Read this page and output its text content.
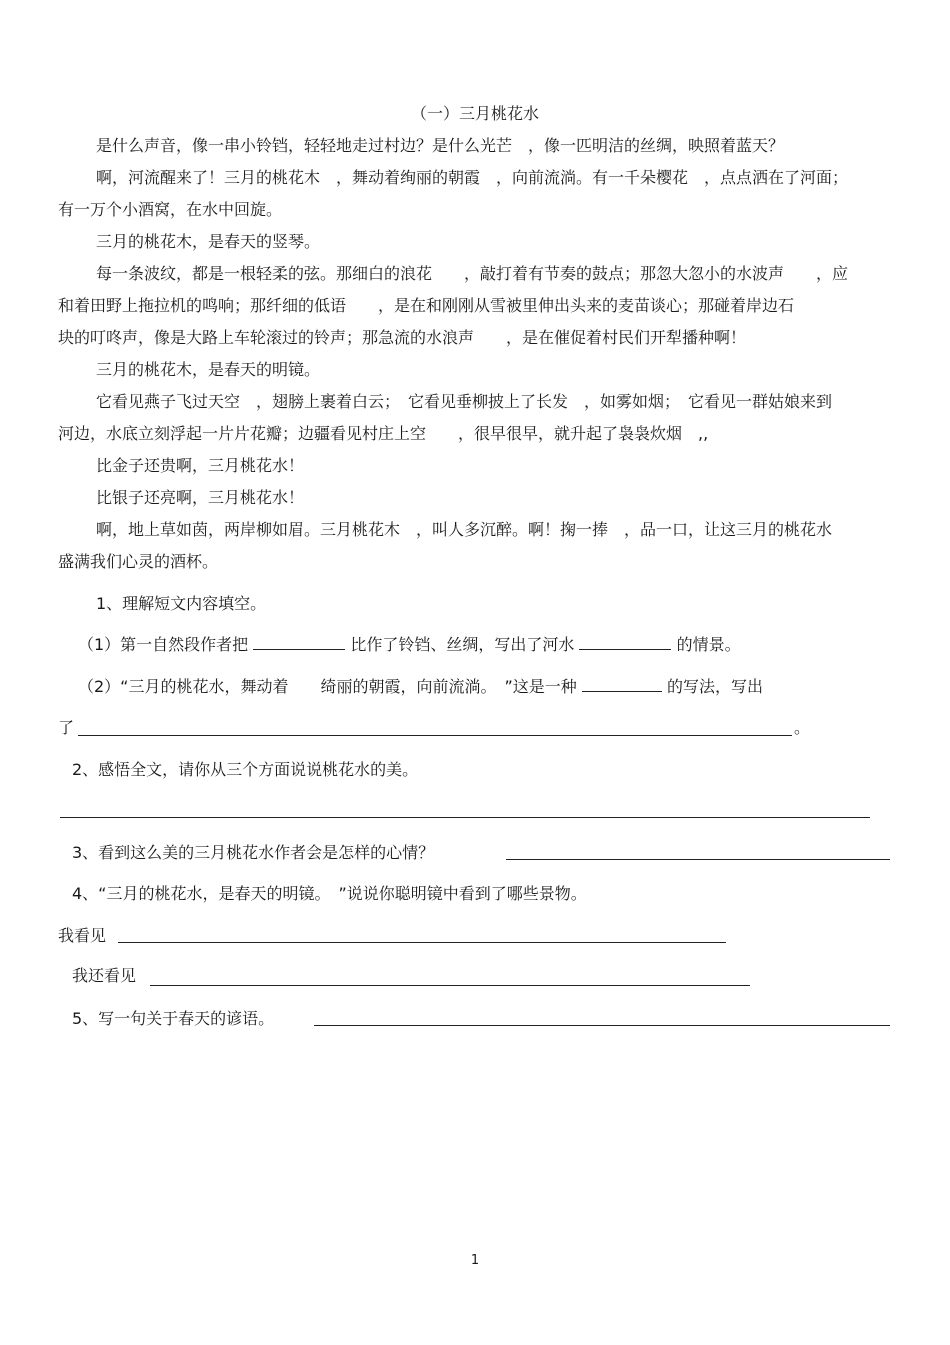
（一）三月桃花水
是什么声音，像一串小铃铛，轻轻地走过村边？是什么光芒　，像一匹明洁的丝绸，映照着蓝天？
啊，河流醒来了！三月的桃花木　，舞动着绚丽的朝霞　，向前流淌。有一千朵樱花　，点点洒在了河面；
有一万个小酒窝，在水中回旋。
三月的桃花木，是春天的竖琴。
每一条波纹，都是一根轻柔的弦。那细白的浪花　　，敲打着有节奏的鼓点；那忽大忽小的水波声　　，应
和着田野上拖拉机的鸣响；那纤细的低语　　，是在和刚刚从雪被里伸出头来的麦苗谈心；那碰着岸边石
块的叮咚声，像是大路上车轮滚过的铃声；那急流的水浪声　　，是在催促着村民们开犁播种啊！
三月的桃花木，是春天的明镜。
它看见燕子飞过天空　，翅膀上裹着白云；　它看见垂柳披上了长发　，如雾如烟；　它看见一群姑娘来到
河边，水底立刻浮起一片片花瓣；边疆看见村庄上空　　，很早很早，就升起了袅袅炊烟　,,
比金子还贵啊，三月桃花水！
比银子还亮啊，三月桃花水！
啊，地上草如茵，两岸柳如眉。三月桃花木　，叫人多沉醉。啊！掬一捧　，品一口，让这三月的桃花水
盛满我们心灵的酒杯。
1、理解短文内容填空。
（1）第一自然段作者把	比作了铃铛、丝绸，写出了河水	的情景。
（2）“三月的桃花水，舞动着　　绮丽的朝霞，向前流淌。　”这是一种	的写法，写出
了	。
2、感悟全文，请你从三个方面说说桃花水的美。
3、看到这么美的三月桃花水作者会是怎样的心情？
4、“三月的桃花水，是春天的明镜。　”说说你聪明镜中看到了哪些景物。
我看见
我还看见
5、写一句关于春天的谚语。
1
